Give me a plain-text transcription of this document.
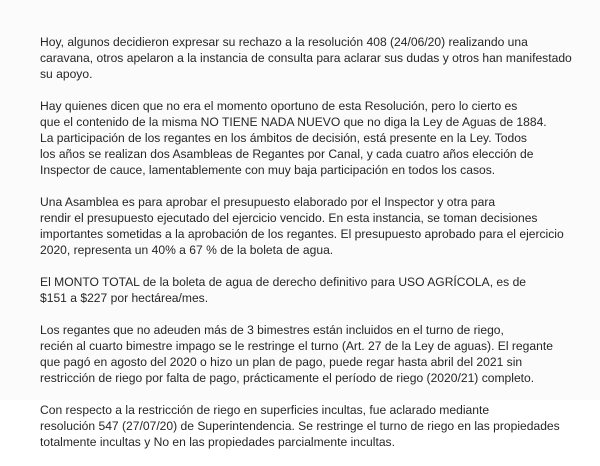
Hoy, algunos decidieron expresar su rechazo a la resolución 408 (24/06/20) realizando una
caravana, otros apelaron a la instancia de consulta para aclarar sus dudas y otros han manifestado
su apoyo.

Hay quienes dicen que no era el momento oportuno de esta Resolución, pero lo cierto es
que el contenido de la misma NO TIENE NADA NUEVO que no diga la Ley de Aguas de 1884.
La participación de los regantes en los ámbitos de decisión, está presente en la Ley. Todos
los años se realizan dos Asambleas de Regantes por Canal, y cada cuatro años elección de
Inspector de cauce, lamentablemente con muy baja participación en todos los casos.

Una Asamblea es para aprobar el presupuesto elaborado por el Inspector y otra para
rendir el presupuesto ejecutado del ejercicio vencido. En esta instancia, se toman decisiones
importantes sometidas a la aprobación de los regantes. El presupuesto aprobado para el ejercicio
2020, representa un 40% a 67 % de la boleta de agua.

El MONTO TOTAL de la boleta de agua de derecho definitivo para USO AGRÍCOLA, es de
$151 a $227 por hectárea/mes.

Los regantes que no adeuden más de 3 bimestres están incluidos en el turno de riego,
recién al cuarto bimestre impago se le restringe el turno (Art. 27 de la Ley de aguas). El regante
que pagó en agosto del 2020 o hizo un plan de pago, puede regar hasta abril del 2021 sin
restricción de riego por falta de pago, prácticamente el período de riego (2020/21) completo.

Con respecto a la restricción de riego en superficies incultas, fue aclarado mediante
resolución 547 (27/07/20) de Superintendencia. Se restringe el turno de riego en las propiedades
totalmente incultas y No en las propiedades parcialmente incultas.
